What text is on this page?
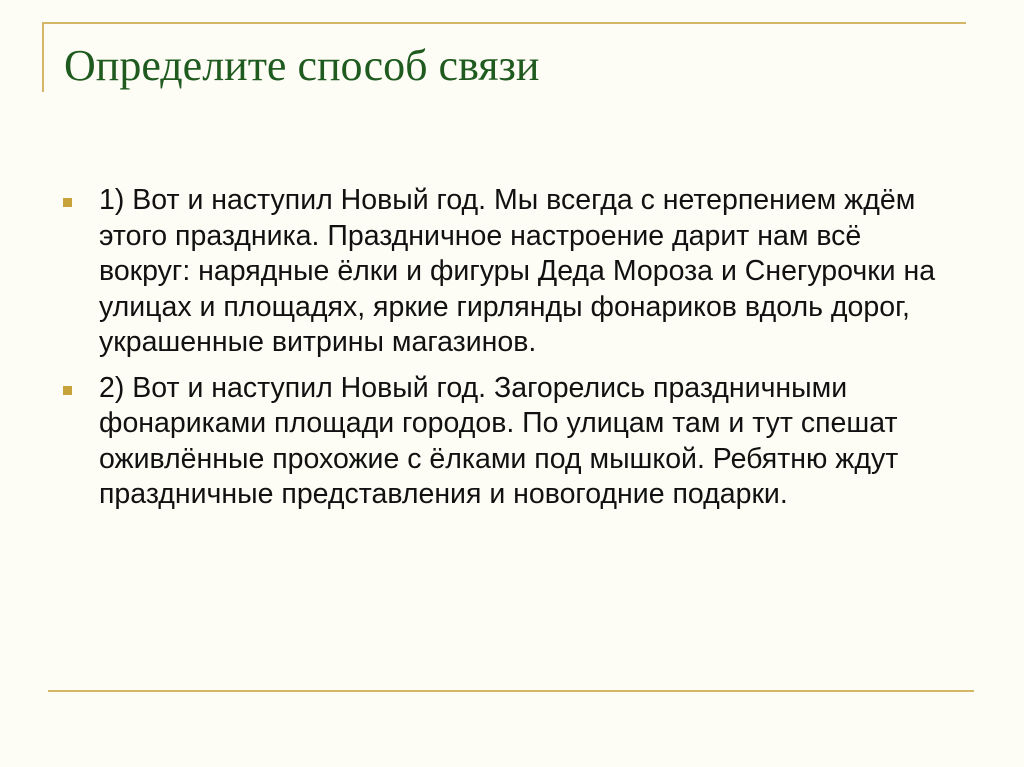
Определите способ связи
1) Вот и наступил Новый год. Мы всегда с нетерпением ждём этого праздника. Праздничное настроение дарит нам всё вокруг: нарядные ёлки и фигуры Деда Мороза и Снегурочки на улицах и площадях, яркие гирлянды фонариков вдоль дорог, украшенные витрины магазинов.
2) Вот и наступил Новый год. Загорелись праздничными фонариками площади городов. По улицам там и тут спешат оживлённые прохожие с ёлками под мышкой. Ребятню ждут праздничные представления и новогодние подарки.
